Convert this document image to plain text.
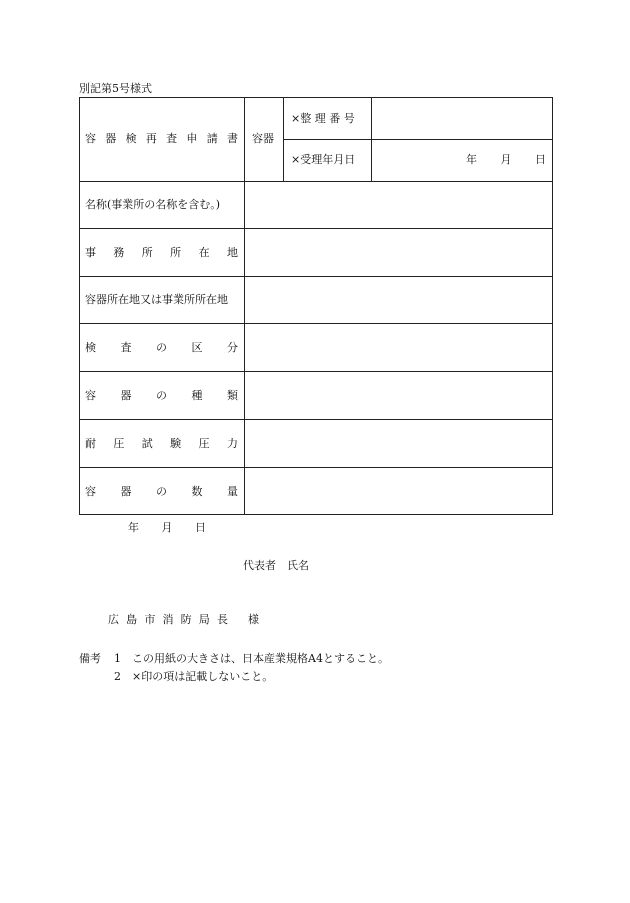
別記第5号様式
容 器 検 再 査 申 請 書 容器
×整 理 番 号
×受理年月日	年 月 日
名称(事業所の名称を含む。)
事 務 所 所 在 地
容器所在地又は事業所所在地
検 査 の 区 分
容 器 の 種 類
耐 圧 試 験 圧 力
容 器 の 数 量
年 月 日
代表者　氏名
広 島 市 消 防 局 長 様
備考 1 この用紙の大きさは、日本産業規格A4とすること。
2 ×印の項は記載しないこと。
